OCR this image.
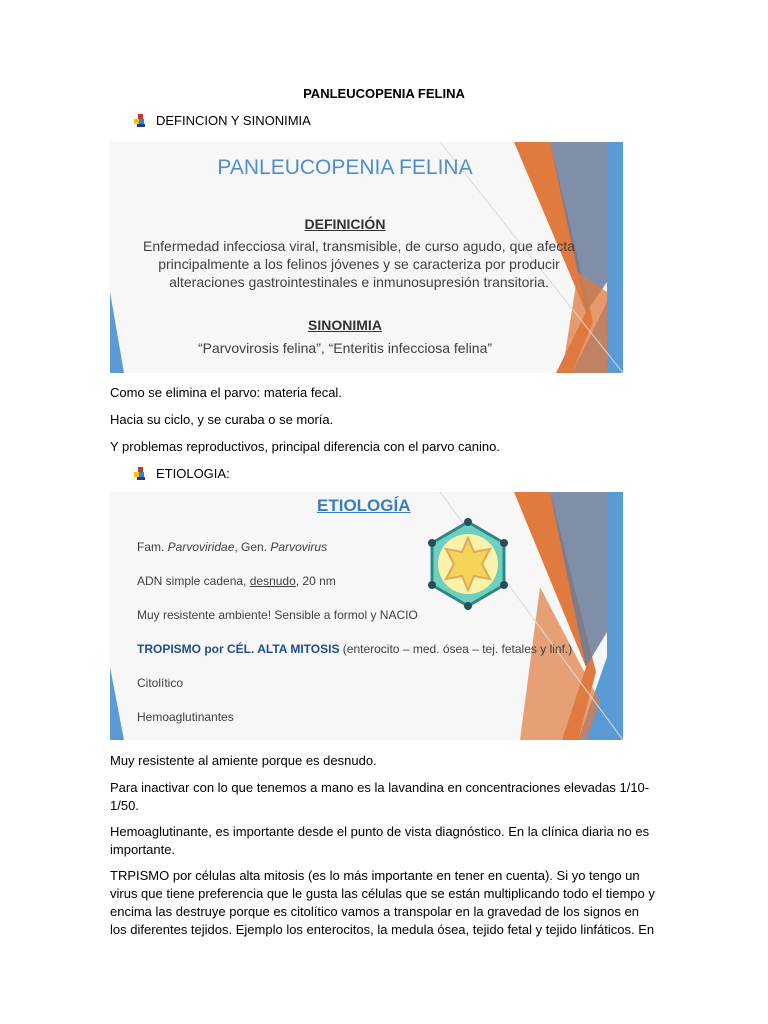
PANLEUCOPENIA FELINA
DEFINCION Y SINONIMIA
PANLEUCOPENIA FELINA
DEFINICIÓN
Enfermedad infecciosa viral, transmisible, de curso agudo, que afecta
principalmente a los felinos jóvenes y se caracteriza por producir
alteraciones gastrointestinales e inmunosupresión transitoria.
SINONIMIA
“Parvovirosis felina”, “Enteritis infecciosa felina”
Como se elimina el parvo: materia fecal.
Hacia su ciclo, y se curaba o se moría.
Y problemas reproductivos, principal diferencia con el parvo canino.
ETIOLOGIA:
ETIOLOGÍA
Fam. Parvoviridae, Gen. Parvovirus
ADN simple cadena, desnudo, 20 nm
Muy resistente ambiente! Sensible a formol y NACIO
TROPISMO por CÉL. ALTA MITOSIS (enterocito – med. ósea – tej. fetales y linf.)
Citolítico
Hemoaglutinantes
Muy resistente al amiente porque es desnudo.
Para inactivar con lo que tenemos a mano es la lavandina en concentraciones elevadas 1/10-1/50.
Hemoaglutinante, es importante desde el punto de vista diagnóstico. En la clínica diaria no es importante.
TRPISMO por células alta mitosis (es lo más importante en tener en cuenta). Si yo tengo un virus que tiene preferencia que le gusta las células que se están multiplicando todo el tiempo y encima las destruye porque es citolítico vamos a transpolar en la gravedad de los signos en los diferentes tejidos. Ejemplo los enterocitos, la medula ósea, tejido fetal y tejido linfáticos. En
